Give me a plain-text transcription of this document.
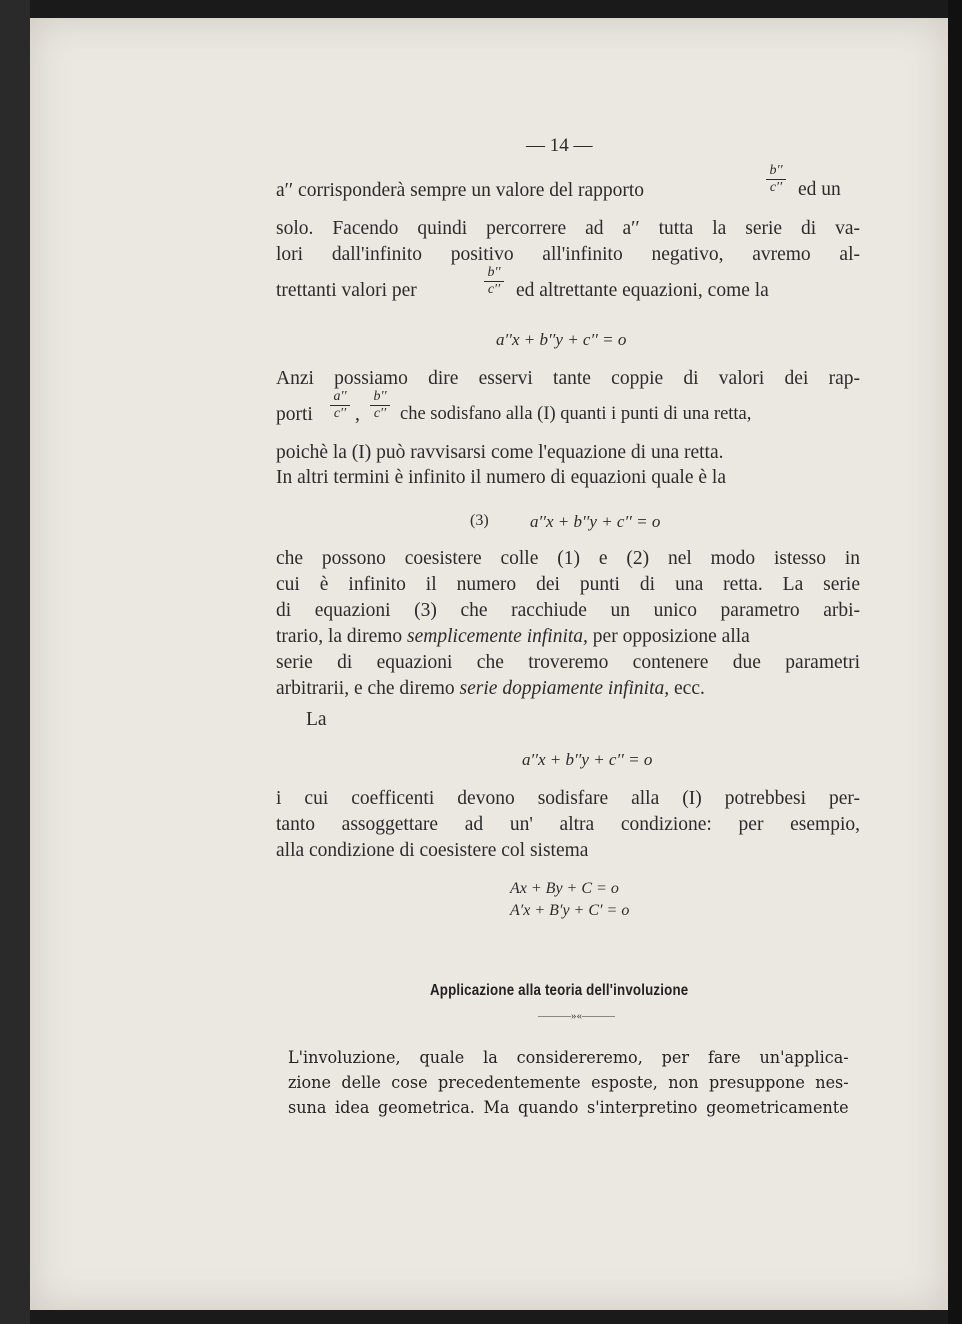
— 14 —
a′′ corrisponderà sempre un valore del rapporto
b′′
c′′ ed un
solo. Facendo quindi percorrere ad a′′ tutta la serie di va-
lori dall'infinito positivo all'infinito negativo, avremo al-
trettanti valori per
b′′
c′′ ed altrettante equazioni, come la
a′′x + b′′y + c′′ = o
Anzi possiamo dire esservi tante coppie di valori dei rap-
porti
a′′
c′′ ,
b′′
c′′ che sodisfano alla (I) quanti i punti di una retta,
poichè la (I) può ravvisarsi come l'equazione di una retta.
In altri termini è infinito il numero di equazioni quale è la
(3) a′′x + b′′y + c′′ = o
che possono coesistere colle (1) e (2) nel modo istesso in
cui è infinito il numero dei punti di una retta. La serie
di equazioni (3) che racchiude un unico parametro arbi-
trario, la diremo semplicemente infinita, per opposizione alla
serie di equazioni che troveremo contenere due parametri
arbitrarii, e che diremo serie doppiamente infinita, ecc.
La
a′′x + b′′y + c′′ = o
i cui coefficenti devono sodisfare alla (I) potrebbesi per-
tanto assoggettare ad un' altra condizione: per esempio,
alla condizione di coesistere col sistema
Ax + By + C = o
A′x + B′y + C′ = o
Applicazione alla teoria dell'involuzione
———»«———
L'involuzione, quale la considereremo, per fare un'applica-
zione delle cose precedentemente esposte, non presuppone nes-
suna idea geometrica. Ma quando s'interpretino geometricamente
